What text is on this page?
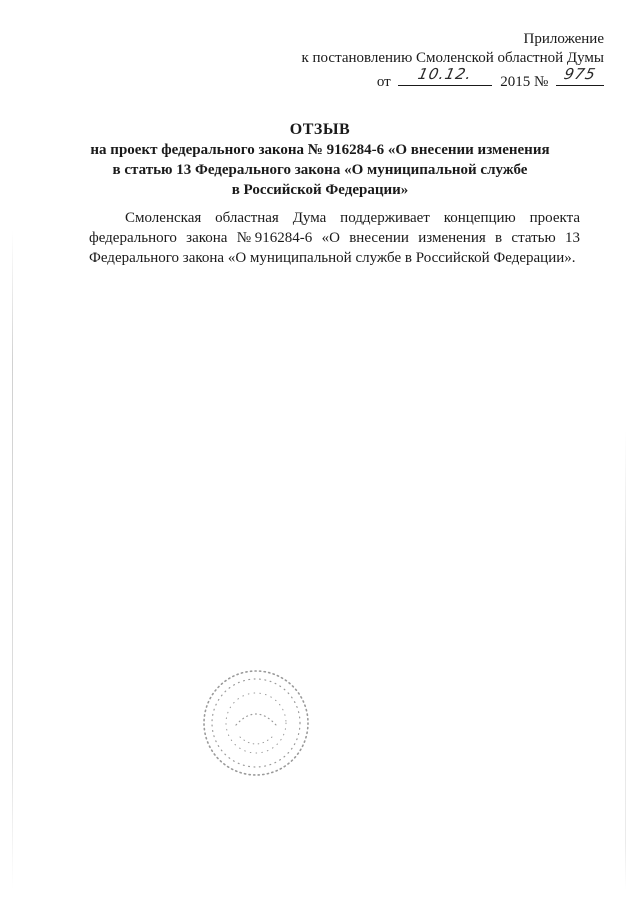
Приложение
к постановлению Смоленской областной Думы
от	10.12.	2015 № 975
ОТЗЫВ
на проект федерального закона № 916284-6 «О внесении изменения
в статью 13 Федерального закона «О муниципальной службе
в Российской Федерации»
Смоленская областная Дума поддерживает концепцию проекта
федерального закона № 916284-6 «О внесении изменения в статью 13
Федерального закона «О муниципальной службе в Российской Федерации».
